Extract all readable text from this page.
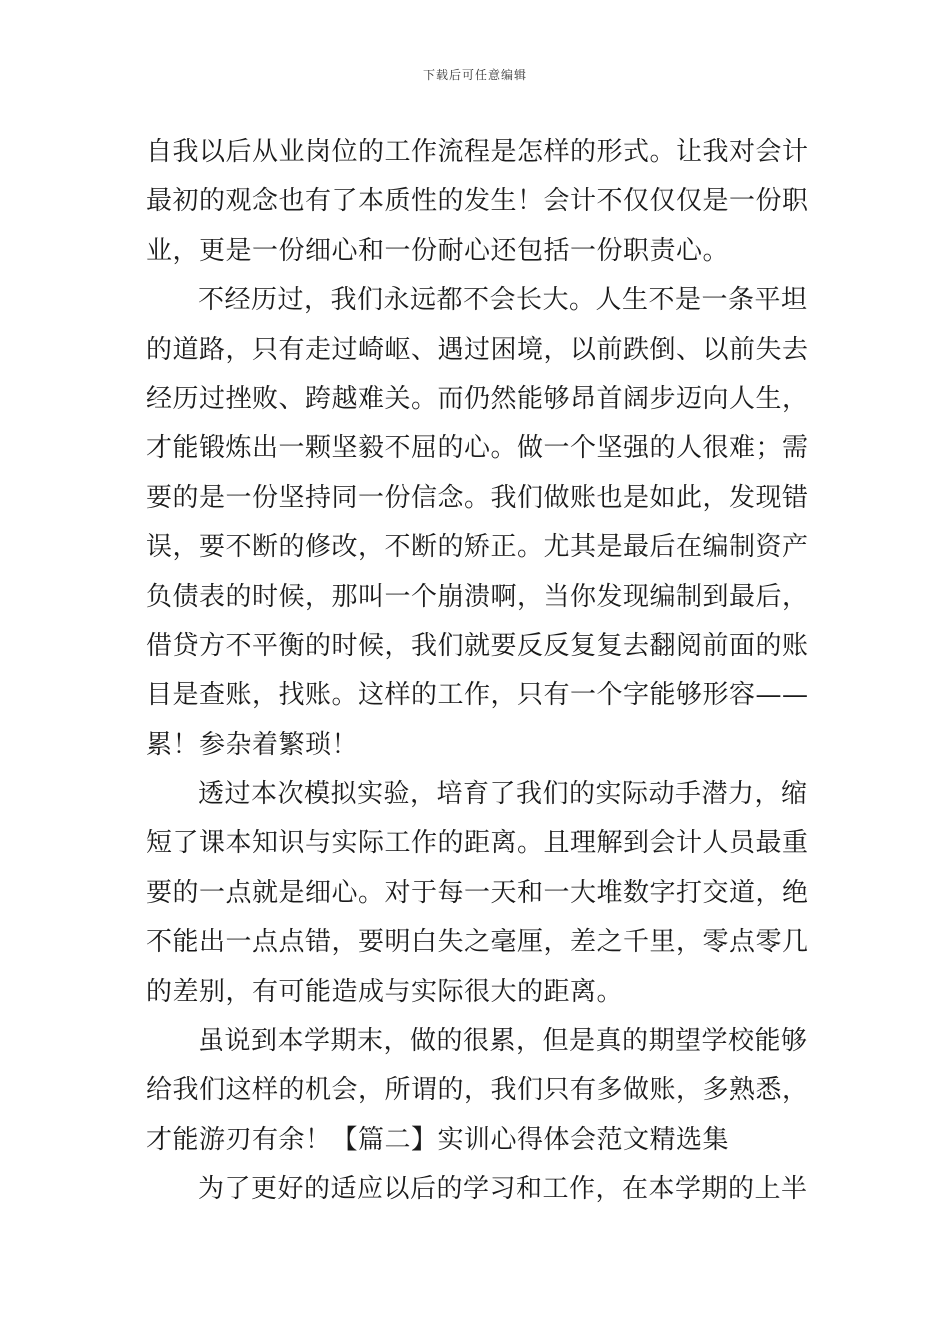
下载后可任意编辑
自我以后从业岗位的工作流程是怎样的形式。让我对会计
最初的观念也有了本质性的发生！会计不仅仅仅是一份职
业，更是一份细心和一份耐心还包括一份职责心。
不经历过，我们永远都不会长大。人生不是一条平坦
的道路，只有走过崎岖、遇过困境，以前跌倒、以前失去
经历过挫败、跨越难关。而仍然能够昂首阔步迈向人生，
才能锻炼出一颗坚毅不屈的心。做一个坚强的人很难；需
要的是一份坚持同一份信念。我们做账也是如此，发现错
误，要不断的修改，不断的矫正。尤其是最后在编制资产
负债表的时候，那叫一个崩溃啊，当你发现编制到最后，
借贷方不平衡的时候，我们就要反反复复去翻阅前面的账
目是查账，找账。这样的工作，只有一个字能够形容——
累！参杂着繁琐！
透过本次模拟实验，培育了我们的实际动手潜力，缩
短了课本知识与实际工作的距离。且理解到会计人员最重
要的一点就是细心。对于每一天和一大堆数字打交道，绝
不能出一点点错，要明白失之毫厘，差之千里，零点零几
的差别，有可能造成与实际很大的距离。
虽说到本学期末，做的很累，但是真的期望学校能够
给我们这样的机会，所谓的，我们只有多做账，多熟悉，
才能游刃有余！【篇二】实训心得体会范文精选集
为了更好的适应以后的学习和工作，在本学期的上半
